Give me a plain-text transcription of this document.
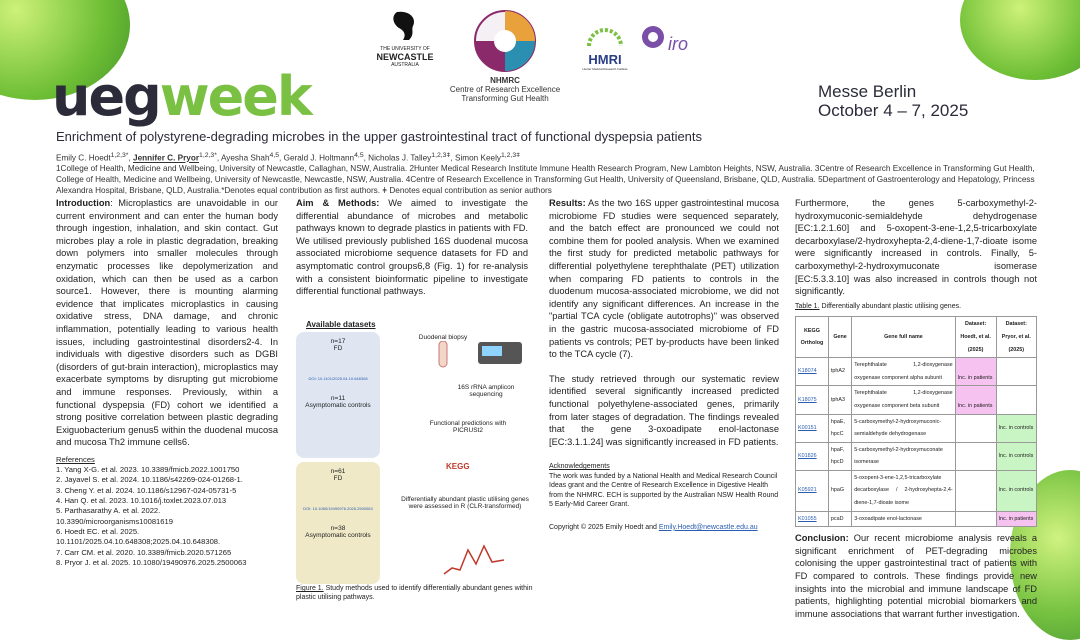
uegweek
THE UNIVERSITY OF
NEWCASTLE
AUSTRALIA
NHMRC
Centre of Research Excellence
Transforming Gut Health
HMRI
Hunter Medical Research Institute
iro
Messe Berlin
October 4 – 7, 2025
Enrichment of polystyrene-degrading microbes in the upper gastrointestinal tract of functional dyspepsia patients
Emily C. Hoedt$^{1,2,3*}$, Jennifer C. Pryor$^{1,2,3*}$, Ayesha Shah$^{4,5}$, Gerald J. Holtmann$^{4,5}$, Nicholas J. Talley$^{1,2,3ǂ}$, Simon Keely$^{1,2,3ǂ}$
1College of Health, Medicine and Wellbeing, University of Newcastle, Callaghan, NSW, Australia. 2Hunter Medical Research Institute Immune Health Research Program, New Lambton Heights, NSW, Australia. 3Centre of Research Excellence in Transforming Gut Health, College of Health, Medicine and Wellbeing, University of Newcastle, Newcastle, NSW, Australia. 4Centre of Research Excellence in Transforming Gut Health, University of Queensland, Brisbane, QLD, Australia. 5Department of Gastroenterology and Hepatology, Princess Alexandra Hospital, Brisbane, QLD, Australia.*Denotes equal contribution as first authors. ǂ Denotes equal contribution as senior authors
Introduction: Microplastics are unavoidable in our current environment and can enter the human body through ingestion, inhalation, and skin contact. Gut microbes play a role in plastic degradation, breaking down polymers into smaller molecules through enzymatic processes like depolymerization and oxidation, which can then be used as a carbon source1. However, there is mounting alarming evidence that implicates microplastics in causing oxidative stress, DNA damage, and chronic inflammation, potentially leading to various health issues, including gastrointestinal disorders2-4. In individuals with digestive disorders such as DGBI (disorders of gut-brain interaction), microplastics may exacerbate symptoms by disrupting gut microbiome and immune responses. Previously, within a functional dyspepsia (FD) cohort we identified a strong positive correlation between plastic degrading Exiguobacterium genus5 within the duodenal mucosa and mucosa Th2 immune cells6.
References
1. Yang X-G. et al. 2023. 10.3389/fmicb.2022.1001750
2. Jayavel S. et al. 2024. 10.1186/s42269-024-01268-1.
3. Cheng Y. et al. 2024. 10.1186/s12967-024-05731-5
4. Han Q. et al. 2023. 10.1016/j.toxlet.2023.07.013
5. Parthasarathy A. et al. 2022. 10.3390/microorganisms10081619
6. Hoedt EC. et al. 2025. 10.1101/2025.04.10.648308;2025.04.10.648308.
7. Carr CM. et al. 2020. 10.3389/fmicb.2020.571265
8. Pryor J. et al. 2025. 10.1080/19490976.2025.2500063
Aim & Methods: We aimed to investigate the differential abundance of microbes and metabolic pathways known to degrade plastics in patients with FD. We utilised previously published 16S duodenal mucosa associated microbiome sequence datasets for FD and asymptomatic control groups6,8 (Fig. 1) for re-analysis with a consistent bioinformatic pipeline to investigate differential functional pathways.
Available datasets
n=17
FD
DOI: 10.1101/2025.04.10.648308
n=11
Asymptomatic controls
n=61
FD
DOI: 10.1080/19490976.2025.2500063
n=38
Asymptomatic controls
Duodenal biopsy
16S rRNA amplicon sequencing
Functional predictions with PICRUSt2
KEGG
Differentially abundant plastic utilising genes were assessed in R (CLR-transformed)
Figure 1. Study methods used to identify differentially abundant genes within plastic utilising pathways.
Results: As the two 16S upper gastrointestinal mucosa microbiome FD studies were sequenced separately, and the batch effect are pronounced we could not combine them for pooled analysis. When we examined the first study for predicted metabolic pathways for differential polyethylene terephthalate (PET) utilization when comparing FD patients to controls in the duodenum mucosa-associated microbiome, we did not identify any significant differences. An increase in the "partial TCA cycle (obligate autotrophs)" was observed in the gastric mucosa-associated microbiome of FD patients vs controls; PET by-products have been linked to the TCA cycle (7).
The study retrieved through our systematic review identified several significantly increased predicted functional polyethylene-associated genes, primarily from later stages of degradation. The findings revealed that the gene 3-oxoadipate enol-lactonase [EC:3.1.1.24] was significantly increased in FD patients.
Acknowledgements
The work was funded by a National Health and Medical Research Council Ideas grant and the Centre of Research Excellence in Digestive Health from the NHMRC. ECH is supported by the Australian NSW Health Round 5 Early-Mid Career Grant.
Copyright © 2025 Emily Hoedt and Emily.Hoedt@newcastle.edu.au
Furthermore, the genes 5-carboxymethyl-2-hydroxymuconic-semialdehyde dehydrogenase [EC:1.2.1.60] and 5-oxopent-3-ene-1,2,5-tricarboxylate decarboxylase/2-hydroxyhepta-2,4-diene-1,7-dioate isome were significantly increased in controls. Finally, 5-carboxymethyl-2-hydroxymuconate isomerase [EC:5.3.3.10] was also increased in controls though not significantly.
Table 1. Differentially abundant plastic utilising genes.
KEGG Ortholog	Gene	Gene full name	Dataset: Hoedt, et al. (2025)	Dataset: Pryor, et al. (2025)
K18074	tphA2	Terephthalate 1,2-dioxygenase oxygenase component alpha subunit	Inc. in patients	
K18075	tphA3	Terephthalate 1,2-dioxygenase oxygenase component beta subunit	Inc. in patients	
K00151	hpaE, hpcC	5-carboxymethyl-2-hydroxymuconic-semialdehyde dehydrogenase		Inc. in controls
K01826	hpaF, hpcD	5-carboxymethyl-2-hydroxymuconate isomerase		Inc. in controls
K05921	hpaG	5-oxopent-3-ene-1,2,5-tricarboxylate decarboxylase / 2-hydroxyhepta-2,4-diene-1,7-dioate isome		Inc. in controls
K01055	pcaD	3-oxoadipate enol-lactonase		Inc. in patients
Conclusion: Our recent microbiome analysis reveals a significant enrichment of PET-degrading microbes colonising the upper gastrointestinal tract of patients with FD compared to controls. These findings provide new insights into the microbial and immune landscape of FD patients, highlighting potential microbial biomarkers and immune associations that warrant further investigation.
